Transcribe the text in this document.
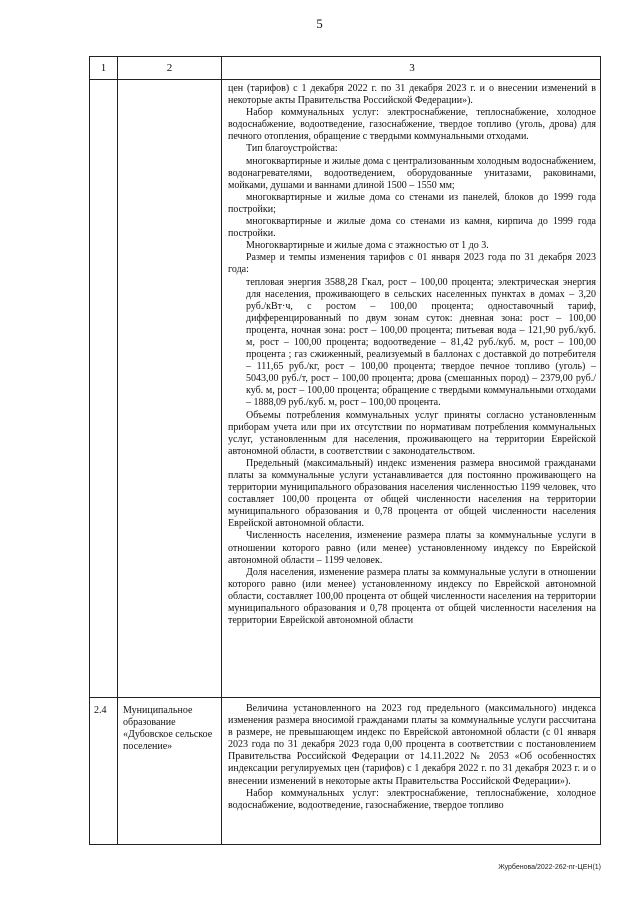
5
1	2	3

цен (тарифов) с 1 декабря 2022 г. по 31 декабря 2023 г. и о внесении изменений в некоторые акты Правительства Российской Федерации»).

Набор коммунальных услуг: электроснабжение, теплоснабжение, холодное водоснабжение, водоотведение, газоснабжение, твердое топливо (уголь, дрова) для печного отопления, обращение с твердыми коммунальными отходами.

Тип благоустройства:

многоквартирные и жилые дома с централизованным холодным водоснабжением, водонагревателями, водоотведением, оборудованные унитазами, раковинами, мойками, душами и ваннами длиной 1500 – 1550 мм;

многоквартирные и жилые дома со стенами из панелей, блоков до 1999 года постройки;

многоквартирные и жилые дома со стенами из камня, кирпича до 1999 года постройки.

Многоквартирные и жилые дома с этажностью от 1 до 3.

Размер и темпы изменения тарифов с 01 января 2023 года по 31 декабря 2023 года:

тепловая энергия 3588,28 Гкал, рост – 100,00 процента; электрическая энергия для населения, проживающего в сельских населенных пунктах в домах – 3,20 руб./кВт·ч, с ростом – 100,00 процента; одноставочный тариф, дифференцированный по двум зонам суток: дневная зона: рост – 100,00 процента, ночная зона: рост – 100,00 процента; питьевая вода – 121,90 руб./куб. м, рост – 100,00 процента; водоотведение – 81,42 руб./куб. м, рост – 100,00 процента ; газ сжиженный, реализуемый в баллонах с доставкой до потребителя – 111,65 руб./кг, рост – 100,00 процента; твердое печное топливо (уголь) – 5043,00 руб./т, рост – 100,00 процента; дрова (смешанных пород) – 2379,00 руб./куб. м, рост – 100,00 процента; обращение с твердыми коммунальными отходами – 1888,09 руб./куб. м, рост – 100,00 процента.

Объемы потребления коммунальных услуг приняты согласно установленным приборам учета или при их отсутствии по нормативам потребления коммунальных услуг, установленным для населения, проживающего на территории Еврейской автономной области, в соответствии с законодательством.

Предельный (максимальный) индекс изменения размера вносимой гражданами платы за коммунальные услуги устанавливается для постоянно проживающего на территории муниципального образования населения численностью 1199 человек, что составляет 100,00 процента от общей численности населения на территории муниципального образования и 0,78 процента от общей численности населения Еврейской автономной области.

Численность населения, изменение размера платы за коммунальные услуги в отношении которого равно (или менее) установленному индексу по Еврейской автономной области – 1199 человек.

Доля населения, изменение размера платы за коммунальные услуги в отношении которого равно (или менее) установленному индексу по Еврейской автономной области, составляет 100,00 процента от общей численности населения на территории муниципального образования и 0,78 процента от общей численности населения на территории Еврейской автономной области

2.4 Муниципальное образование «Дубовское сельское поселение»

Величина установленного на 2023 год предельного (максимального) индекса изменения размера вносимой гражданами платы за коммунальные услуги рассчитана в размере, не превышающем индекс по Еврейской автономной области (с 01 января 2023 года по 31 декабря 2023 года 0,00 процента в соответствии с постановлением Правительства Российской Федерации от 14.11.2022 № 2053 «Об особенностях индексации регулируемых цен (тарифов) с 1 декабря 2022 г. по 31 декабря 2023 г. и о внесении изменений в некоторые акты Правительства Российской Федерации»).

Набор коммунальных услуг: электроснабжение, теплоснабжение, холодное водоснабжение, водоотведение, газоснабжение, твердое топливо

Журбенова/2022-262-пг-ЦЕН(1)
